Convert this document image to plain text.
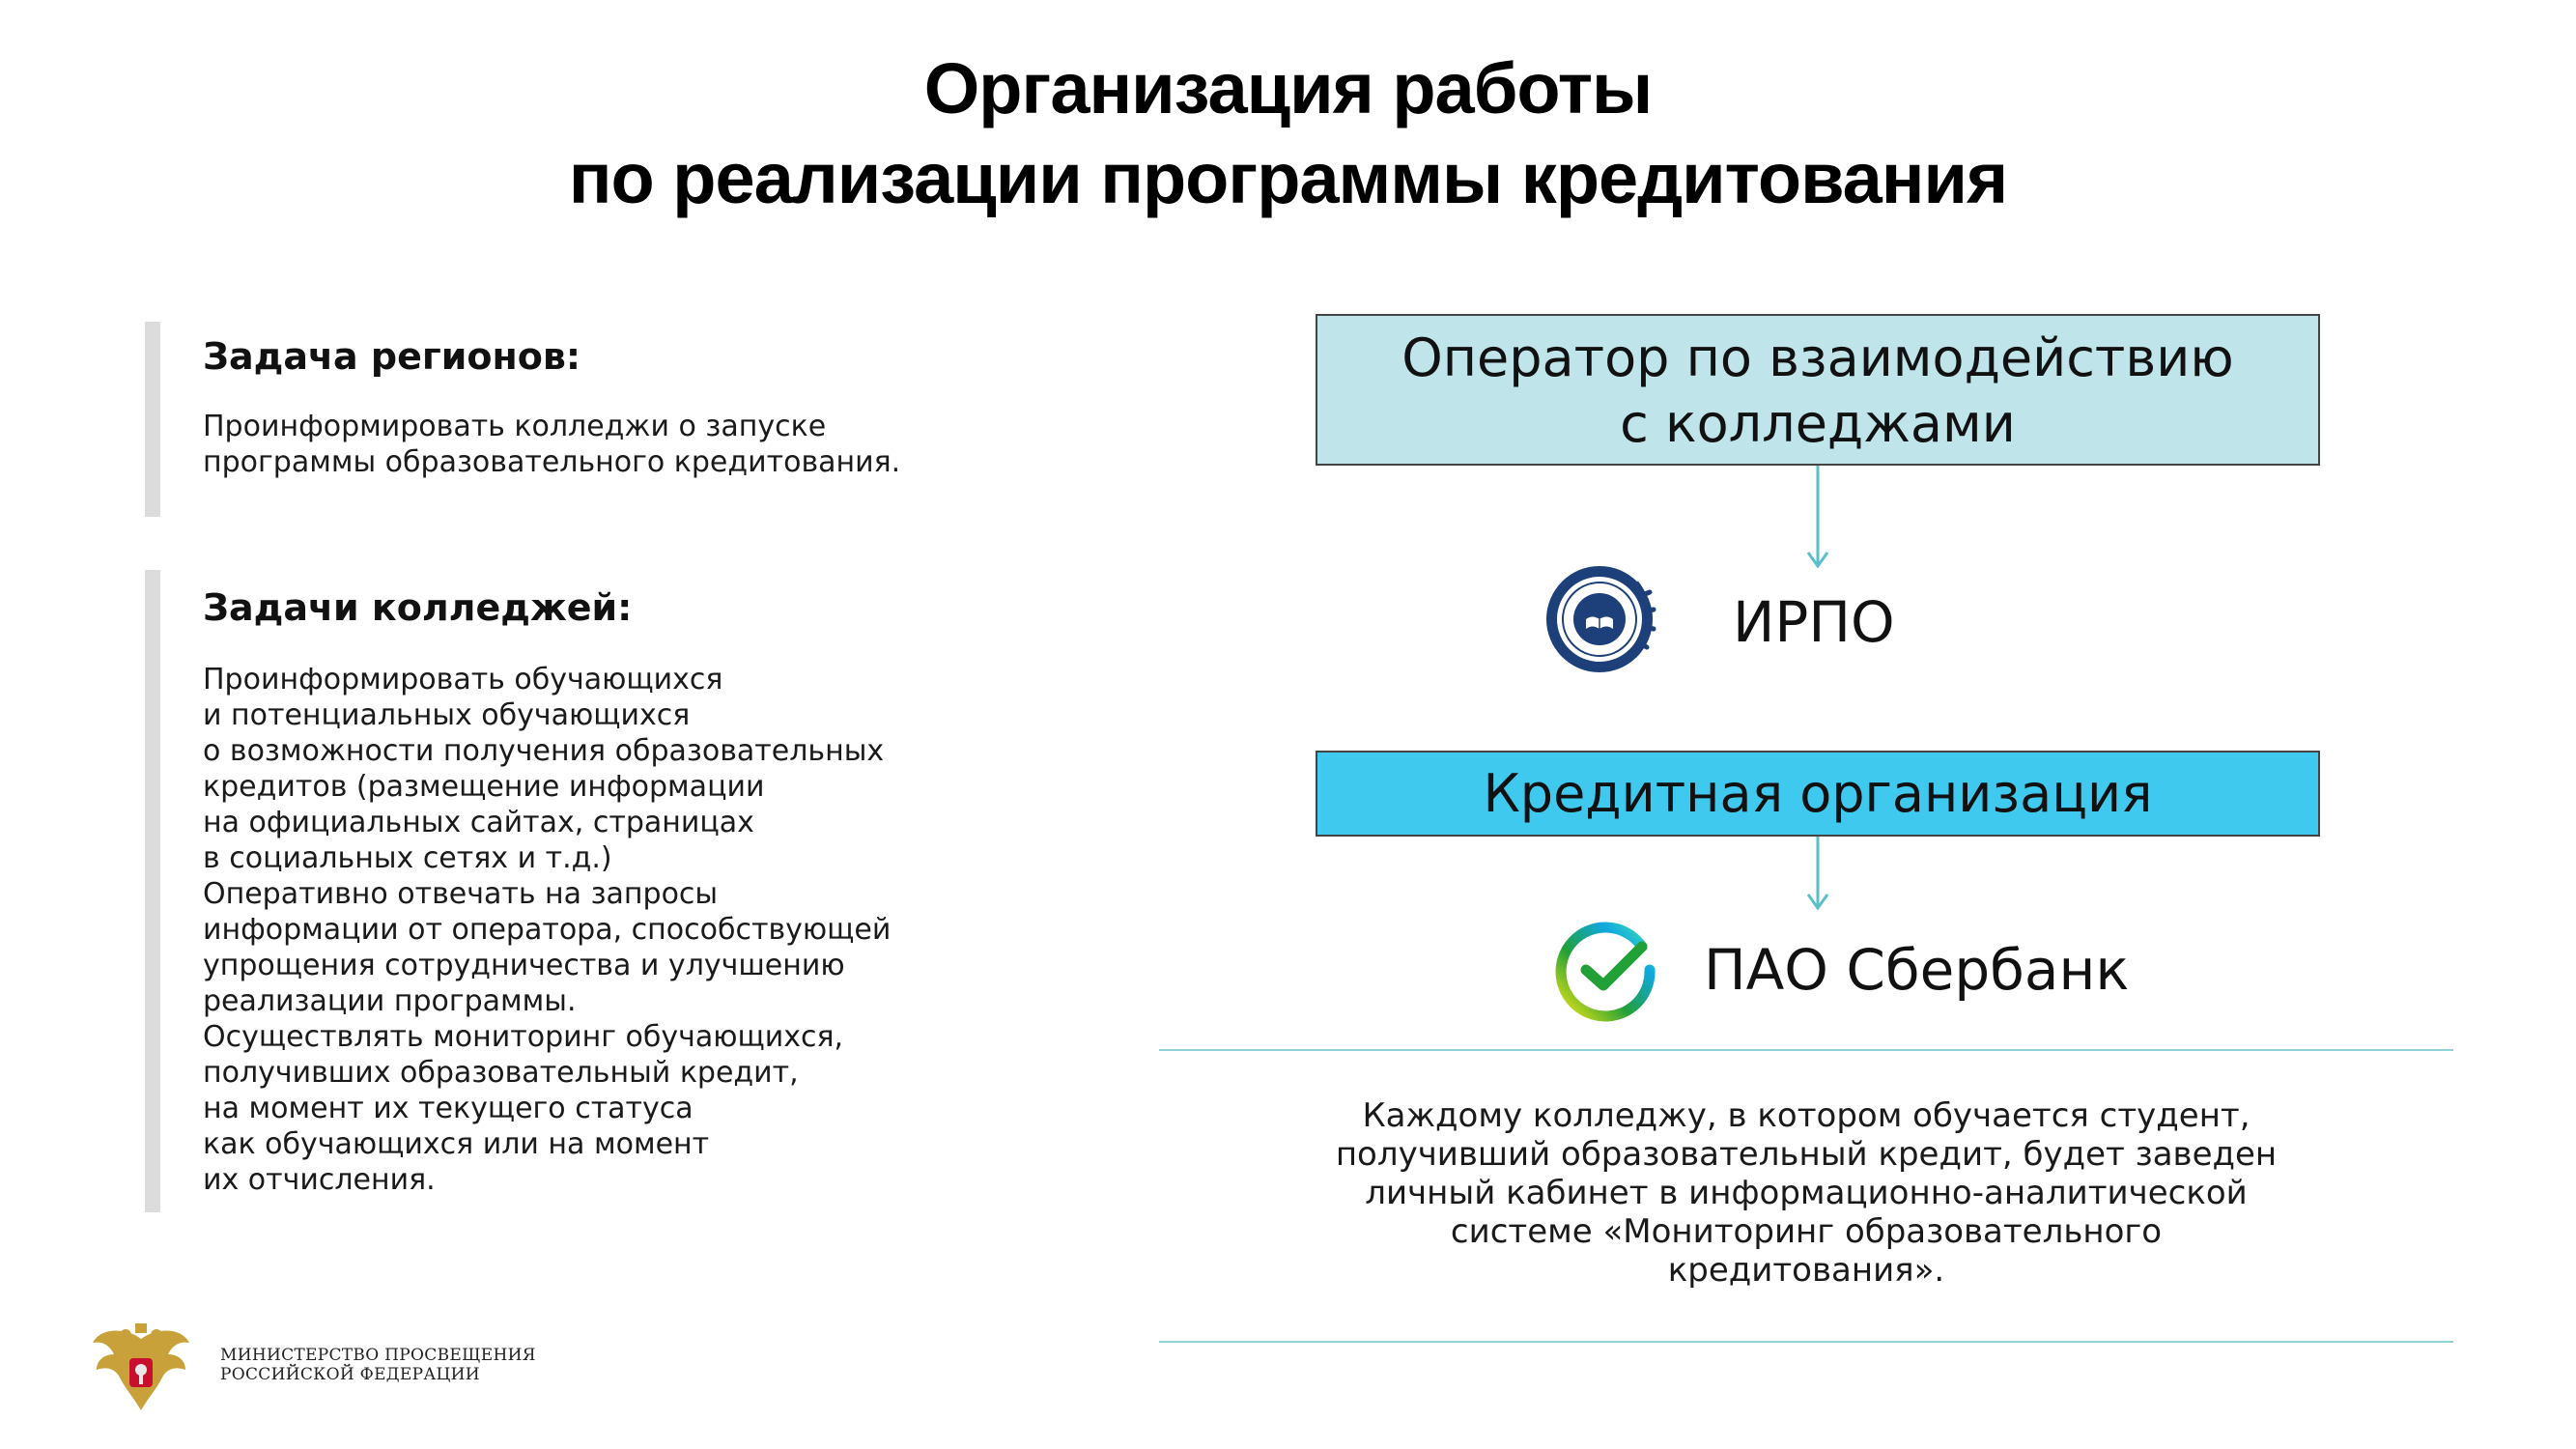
Организация работы
по реализации программы кредитования
Задача регионов:
Проинформировать колледжи о запуске
программы образовательного кредитования.
Задачи колледжей:
Проинформировать обучающихся
и потенциальных обучающихся
о возможности получения образовательных
кредитов (размещение информации
на официальных сайтах, страницах
в социальных сетях и т.д.)
Оперативно отвечать на запросы
информации от оператора, способствующей
упрощения сотрудничества и улучшению
реализации программы.
Осуществлять мониторинг обучающихся,
получивших образовательный кредит,
на момент их текущего статуса
как обучающихся или на момент
их отчисления.
Оператор по взаимодействию
с колледжами
ИРПО
ИРПО
Кредитная организация
ПАО Сбербанк
Каждому колледжу, в котором обучается студент,
получивший образовательный кредит, будет заведен
личный кабинет в информационно-аналитической
системе «Мониторинг образовательного
кредитования».
МИНИСТЕРСТВО ПРОСВЕЩЕНИЯ
РОССИЙСКОЙ ФЕДЕРАЦИИ
